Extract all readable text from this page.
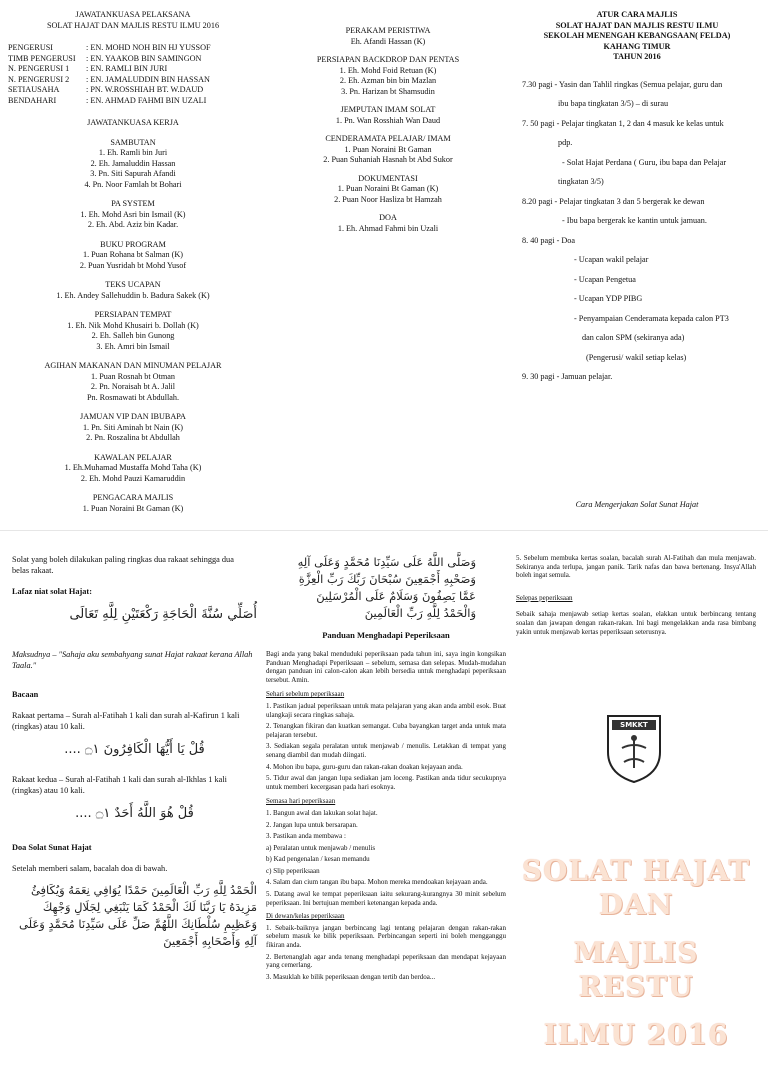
JAWATANKUASA PELAKSANA
SOLAT HAJAT DAN MAJLIS RESTU ILMU 2016
PENGERUSI	: EN. MOHD NOH BIN HJ YUSSOF
TIMB PENGERUSI	: EN. YAAKOB BIN SAMINGON
N. PENGERUSI 1	: EN. RAMLI BIN JURI
N. PENGERUSI 2	: EN. JAMALUDDIN BIN HASSAN
SETIAUSAHA	: PN. W.ROSSHIAH BT. W.DAUD
BENDAHARI	: EN. AHMAD FAHMI BIN UZALI
JAWATANKUASA KERJA
SAMBUTAN
1. Eh. Ramli bin Juri
2. Eh. Jamaluddin Hassan
3. Pn. Siti Sapurah Afandi
4. Pn. Noor Famlah bt Bohari
PA SYSTEM
1. Eh. Mohd Asri bin Ismail (K)
2. Eh. Abd. Aziz bin Kadar.
BUKU PROGRAM
1. Puan Rohana bt Salman (K)
2. Puan Yusridah bt Mohd Yusof
TEKS UCAPAN
1. Eh. Andey Sallehuddin b. Badura Sakek (K)
PERSIAPAN TEMPAT
1. Eh. Nik Mohd Khusairi b. Dollah (K)
2. Eh. Salleh bin Gunong
3. Eh. Amri bin Ismail
AGIHAN MAKANAN DAN MINUMAN PELAJAR
1. Puan Rosnah bt Otman
2. Pn. Noraisah bt A. Jalil
Pn. Rosmawati bt Abdullah.
JAMUAN VIP DAN IBUBAPA
1. Pn. Siti Aminah bt Nain (K)
2. Pn. Roszalina bt Abdullah
KAWALAN PELAJAR
1. Eh.Muhamad Mustaffa Mohd Taha (K)
2. Eh. Mohd Pauzi Kamaruddin
PENGACARA MAJLIS
1. Puan Noraini Bt Gaman (K)
PERAKAM PERISTIWA
Eh. Afandi Hassan (K)
PERSIAPAN BACKDROP DAN PENTAS
1. Eh. Mohd Foid Retuan (K)
2. Eh. Azman bin bin Mazlan
3. Pn. Harizan bt Shamsudin
JEMPUTAN IMAM SOLAT
1. Pn. Wan Rosshiah Wan Daud
CENDERAMATA PELAJAR/ IMAM
1. Puan Noraini Bt Gaman
2. Puan Suhaniah Hasnah bt Abd Sukor
DOKUMENTASI
1. Puan Noraini Bt Gaman (K)
2. Puan Noor Hasliza bt Hamzah
DOA
1. Eh. Ahmad Fahmi bin Uzali
ATUR CARA MAJLIS
SOLAT HAJAT DAN MAJLIS RESTU ILMU
SEKOLAH MENENGAH KEBANGSAAN( FELDA)
KAHANG TIMUR
TAHUN 2016
7.30 pagi - Yasin dan Tahlil ringkas (Semua pelajar, guru dan
ibu bapa tingkatan 3/5) – di surau
7. 50 pagi - Pelajar tingkatan 1, 2 dan 4 masuk ke kelas untuk
pdp.
- Solat Hajat Perdana ( Guru, ibu bapa dan Pelajar
tingkatan 3/5)
8.20 pagi - Pelajar tingkatan 3 dan 5 bergerak ke dewan
- Ibu bapa bergerak ke kantin untuk jamuan.
8. 40 pagi - Doa
- Ucapan wakil pelajar
- Ucapan Pengetua
- Ucapan YDP PIBG
- Penyampaian Cenderamata kepada calon PT3
dan calon SPM (sekiranya ada)
(Pengerusi/ wakil setiap kelas)
9. 30 pagi - Jamuan pelajar.
Cara Mengerjakan Solat Sunat Hajat
Solat yang boleh dilakukan paling ringkas dua rakaat sehingga dua belas rakaat.
Lafaz niat solat Hajat:
أُصَلِّي سُنَّةَ الْحَاجَةِ رَكْعَتَيْنِ لِلَّهِ تَعَالَى
Maksudnya – "Sahaja aku sembahyang sunat Hajat rakaat kerana Allah Taala."
Bacaan
Rakaat pertama – Surah al-Fatihah 1 kali dan surah al-Kafirun 1 kali (ringkas) atau 10 kali.
قُلْ يَا أَيُّهَا الْكَافِرُونَ ۝١ ....
Rakaat kedua – Surah al-Fatihah 1 kali dan surah al-Ikhlas 1 kali (ringkas) atau 10 kali.
قُلْ هُوَ اللَّهُ أَحَدٌ ۝١ ....
Doa Solat Sunat Hajat
Setelah memberi salam, bacalah doa di bawah.
الْحَمْدُ لِلَّهِ رَبِّ الْعَالَمِينَ حَمْدًا يُوَافِي نِعَمَهُ وَيُكَافِئُ مَزِيدَهُ يَا رَبَّنَا لَكَ الْحَمْدُ كَمَا يَنْبَغِي لِجَلَالِ وَجْهِكَ وَعَظِيمِ سُلْطَانِكَ اللَّهُمَّ صَلِّ عَلَى سَيِّدِنَا مُحَمَّدٍ وَعَلَى آلِهِ وَأَصْحَابِهِ أَجْمَعِينَ
وَصَلَّى اللَّهُ عَلَى سَيِّدِنَا مُحَمَّدٍ وَعَلَى آلِهِ وَصَحْبِهِ أَجْمَعِينَ سُبْحَانَ رَبِّكَ رَبِّ الْعِزَّةِ عَمَّا يَصِفُونَ وَسَلَامٌ عَلَى الْمُرْسَلِينَ وَالْحَمْدُ لِلَّهِ رَبِّ الْعَالَمِينَ
Panduan Menghadapi Peperiksaan
Bagi anda yang bakal menduduki peperiksaan pada tahun ini, saya ingin kongsikan Panduan Menghadapi Peperiksaan – sebelum, semasa dan selepas. Mudah-mudahan dengan panduan ini calon-calon akan lebih bersedia untuk menghadapi peperiksaan tersebut. Amin.
Sehari sebelum peperiksaan
1. Pastikan jadual peperiksaan untuk mata pelajaran yang akan anda ambil esok. Buat ulangkaji secara ringkas sahaja.
2. Tenangkan fikiran dan kuatkan semangat. Cuba bayangkan target anda untuk mata pelajaran tersebut.
3. Sediakan segala peralatan untuk menjawab / menulis. Letakkan di tempat yang senang diambil dan mudah diingati.
4. Mohon ibu bapa, guru-guru dan rakan-rakan doakan kejayaan anda.
5. Tidur awal dan jangan lupa sediakan jam loceng. Pastikan anda tidur secukupnya untuk memberi kecergasan pada hari esoknya.
Semasa hari peperiksaan
1. Bangun awal dan lakukan solat hajat.
2. Jangan lupa untuk bersarapan.
3. Pastikan anda membawa :
a) Peralatan untuk menjawab / menulis
b) Kad pengenalan / kesan memandu
c) Slip peperiksaan
4. Salam dan cium tangan ibu bapa. Mohon mereka mendoakan kejayaan anda.
5. Datang awal ke tempat peperiksaan iaitu sekurang-kurangnya 30 minit sebelum peperiksaan. Ini bertujuan memberi ketenangan kepada anda.
Di dewan/kelas peperiksaan
1. Sebaik-baiknya jangan berbincang lagi tentang pelajaran dengan rakan-rakan sebelum masuk ke bilik peperiksaan. Perbincangan seperti ini boleh mengganggu fikiran anda.
2. Bertenanglah agar anda tenang menghadapi peperiksaan dan mendapat kejayaan yang cemerlang.
3. Masuklah ke bilik peperiksaan dengan tertib dan berdoa...
5. Sebelum membuka kertas soalan, bacalah surah Al-Fatihah dan mula menjawab. Sekiranya anda terlupa, jangan panik. Tarik nafas dan bawa bertenang. Insya'Allah boleh ingat semula.
Selepas peperiksaan
Sebaik sahaja menjawab setiap kertas soalan, elakkan untuk berbincang tentang soalan dan jawapan dengan rakan-rakan. Ini bagi mengelakkan anda rasa bimbang yakin untuk menjawab kertas peperiksaan seterusnya.
SMKKT
SOLAT HAJAT DAN
MAJLIS RESTU
ILMU 2016
